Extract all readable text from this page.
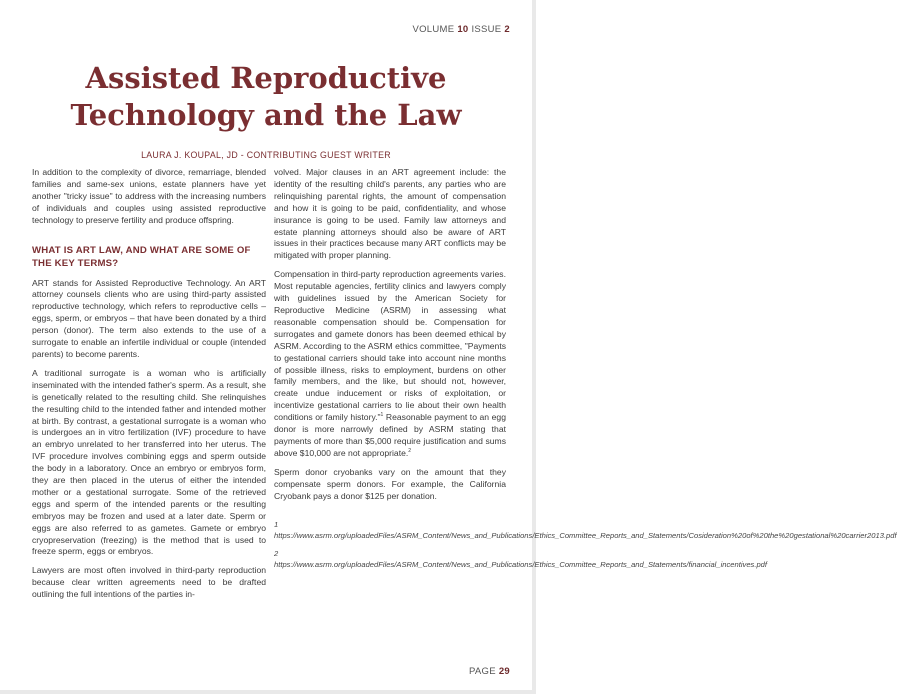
VOLUME 10 ISSUE 2
Assisted Reproductive
Technology and the Law
LAURA J. KOUPAL, JD - CONTRIBUTING GUEST WRITER

In addition to the complexity of divorce, remarriage, blended families and same-sex unions, estate planners have yet another "tricky issue" to address with the increasing numbers of individuals and couples using assisted reproductive technology to preserve fertility and produce offspring.

WHAT IS ART LAW, AND WHAT ARE SOME OF THE KEY TERMS?

ART stands for Assisted Reproductive Technology. An ART attorney counsels clients who are using third-party assisted reproductive technology, which refers to reproductive cells – eggs, sperm, or embryos – that have been donated by a third person (donor). The term also extends to the use of a surrogate to enable an infertile individual or couple (intended parents) to become parents.

A traditional surrogate is a woman who is artificially inseminated with the intended father's sperm. As a result, she is genetically related to the resulting child. She relinquishes the resulting child to the intended father and intended mother at birth. By contrast, a gestational surrogate is a woman who is undergoes an in vitro fertilization (IVF) procedure to have an embryo unrelated to her transferred into her uterus. The IVF procedure involves combining eggs and sperm outside the body in a laboratory. Once an embryo or embryos form, they are then placed in the uterus of either the intended mother or a gestational surrogate. Some of the retrieved eggs and sperm of the intended parents or the resulting embryos may be frozen and used at a later date. Sperm or eggs are also referred to as gametes. Gamete or embryo cryopreservation (freezing) is the method that is used to freeze sperm, eggs or embryos.

Lawyers are most often involved in third-party reproduction because clear written agreements need to be drafted outlining the full intentions of the parties in-

volved. Major clauses in an ART agreement include: the identity of the resulting child's parents, any parties who are relinquishing parental rights, the amount of compensation and how it is going to be paid, confidentiality, and whose insurance is going to be used. Family law attorneys and estate planning attorneys should also be aware of ART issues in their practices because many ART conflicts may be mitigated with proper planning.

Compensation in third-party reproduction agreements varies. Most reputable agencies, fertility clinics and lawyers comply with guidelines issued by the American Society for Reproductive Medicine (ASRM) in assessing what reasonable compensation should be. Compensation for surrogates and gamete donors has been deemed ethical by ASRM. According to the ASRM ethics committee, "Payments to gestational carriers should take into account nine months of possible illness, risks to employment, burdens on other family members, and the like, but should not, however, create undue inducement or risks of exploitation, or incentivize gestational carriers to lie about their own health conditions or family history."$^1$ Reasonable payment to an egg donor is more narrowly defined by ASRM stating that payments of more than $5,000 require justification and sums above $10,000 are not appropriate.$^2$

Sperm donor cryobanks vary on the amount that they compensate sperm donors. For example, the California Cryobank pays a donor $125 per donation.

1 https://www.asrm.org/uploadedFiles/ASRM_Content/News_and_Publications/Ethics_Committee_Reports_and_Statements/Cosideration%20of%20the%20gestational%20carrier2013.pdf

2 https://www.asrm.org/uploadedFiles/ASRM_Content/News_and_Publications/Ethics_Committee_Reports_and_Statements/financial_incentives.pdf

PAGE 29
